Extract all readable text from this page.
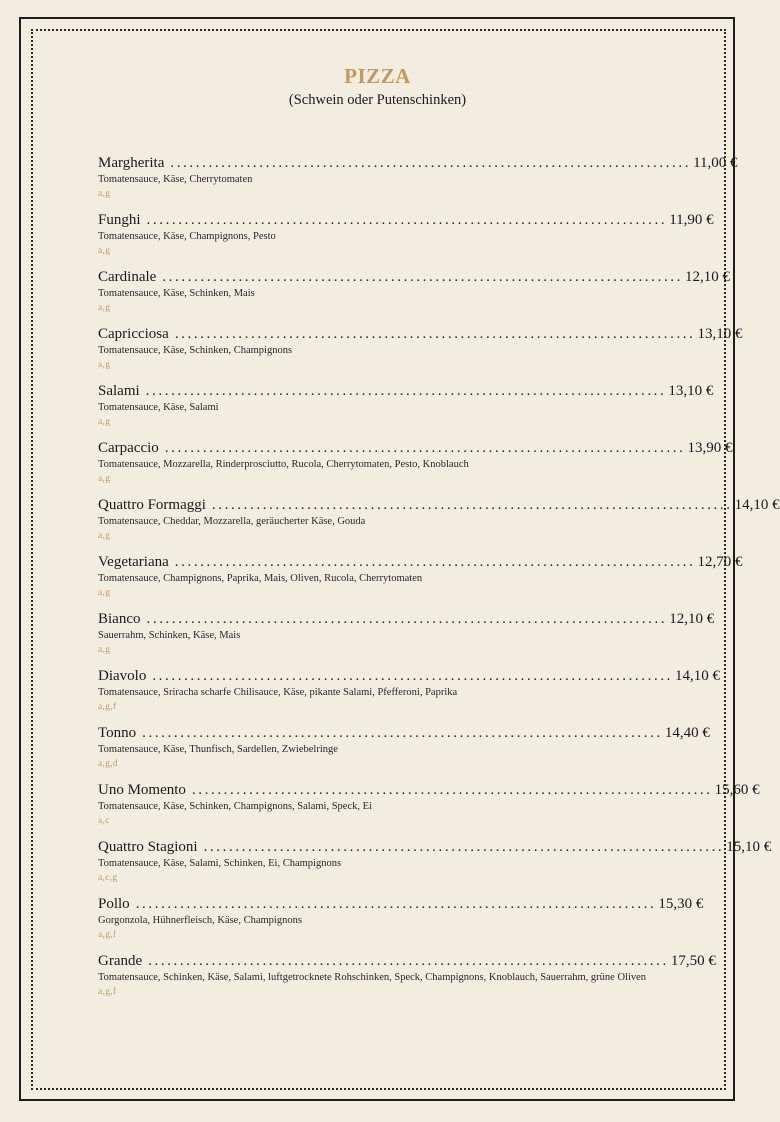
PIZZA
(Schwein oder Putenschinken)
Margherita .................................................................................. 11,00 €
Tomatensauce, Käse, Cherrytomaten
a,g
Funghi .................................................................................. 11,90 €
Tomatensauce, Käse, Champignons, Pesto
a,g
Cardinale .................................................................................. 12,10 €
Tomatensauce, Käse, Schinken, Mais
a,g
Capricciosa .................................................................................. 13,10 €
Tomatensauce, Käse, Schinken, Champignons
a,g
Salami .................................................................................. 13,10 €
Tomatensauce, Käse, Salami
a,g
Carpaccio .................................................................................. 13,90 €
Tomatensauce, Mozzarella, Rinderprosciutto, Rucola, Cherrytomaten, Pesto, Knoblauch
a,g
Quattro Formaggi .................................................................................. 14,10 €
Tomatensauce, Cheddar, Mozzarella, geräucherter Käse, Gouda
a,g
Vegetariana .................................................................................. 12,70 €
Tomatensauce, Champignons, Paprika, Mais, Oliven, Rucola, Cherrytomaten
a,g
Bianco .................................................................................. 12,10 €
Sauerrahm, Schinken, Käse, Mais
a,g
Diavolo .................................................................................. 14,10 €
Tomatensauce, Sriracha scharfe Chilisauce, Käse, pikante Salami, Pfefferoni, Paprika
a,g,f
Tonno .................................................................................. 14,40 €
Tomatensauce, Käse, Thunfisch, Sardellen, Zwiebelringe
a,g,d
Uno Momento .................................................................................. 15,60 €
Tomatensauce, Käse, Schinken, Champignons, Salami, Speck, Ei
a,c
Quattro Stagioni .................................................................................. 15,10 €
Tomatensauce, Käse, Salami, Schinken, Ei, Champignons
a,c,g
Pollo .................................................................................. 15,30 €
Gorgonzola, Hühnerfleisch, Käse, Champignons
a,g,f
Grande .................................................................................. 17,50 €
Tomatensauce, Schinken, Käse, Salami, luftgetrocknete Rohschinken, Speck, Champignons, Knoblauch, Sauerrahm, grüne Oliven
a,g,f
